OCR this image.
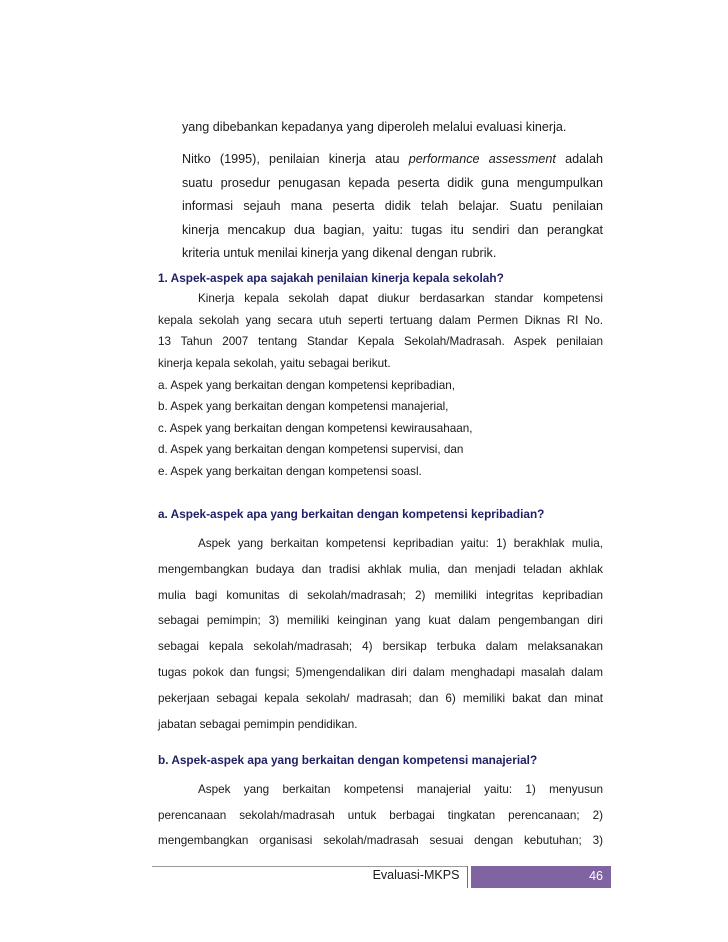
yang dibebankan kepadanya yang diperoleh melalui evaluasi kinerja.
Nitko (1995), penilaian kinerja atau performance assessment adalah
suatu prosedur penugasan kepada peserta didik guna mengumpulkan
informasi sejauh mana peserta didik telah belajar. Suatu penilaian
kinerja mencakup dua bagian, yaitu: tugas itu sendiri dan perangkat
kriteria untuk menilai kinerja yang dikenal dengan rubrik.
1. Aspek-aspek apa sajakah penilaian kinerja kepala sekolah?
Kinerja kepala sekolah dapat diukur berdasarkan standar kompetensi
kepala sekolah yang secara utuh seperti tertuang dalam Permen Diknas RI No.
13 Tahun 2007 tentang Standar Kepala Sekolah/Madrasah. Aspek penilaian
kinerja kepala sekolah, yaitu sebagai berikut.
a. Aspek yang berkaitan dengan kompetensi kepribadian,
b. Aspek yang berkaitan dengan kompetensi manajerial,
c. Aspek yang berkaitan dengan kompetensi kewirausahaan,
d. Aspek yang berkaitan dengan kompetensi supervisi, dan
e. Aspek yang berkaitan dengan kompetensi soasl.
a. Aspek-aspek apa yang berkaitan dengan kompetensi kepribadian?
Aspek yang berkaitan kompetensi kepribadian yaitu: 1) berakhlak mulia,
mengembangkan budaya dan tradisi akhlak mulia, dan menjadi teladan akhlak
mulia bagi komunitas di sekolah/madrasah; 2) memiliki integritas kepribadian
sebagai pemimpin; 3) memiliki keinginan yang kuat dalam pengembangan diri
sebagai kepala sekolah/madrasah; 4) bersikap terbuka dalam melaksanakan
tugas pokok dan fungsi; 5)mengendalikan diri dalam menghadapi masalah dalam
pekerjaan sebagai kepala sekolah/ madrasah; dan 6) memiliki bakat dan minat
jabatan sebagai pemimpin pendidikan.
b. Aspek-aspek apa yang berkaitan dengan kompetensi manajerial?
Aspek yang berkaitan kompetensi manajerial yaitu: 1) menyusun
perencanaan sekolah/madrasah untuk berbagai tingkatan perencanaan; 2)
mengembangkan organisasi sekolah/madrasah sesuai dengan kebutuhan; 3)
Evaluasi-MKPS	46
